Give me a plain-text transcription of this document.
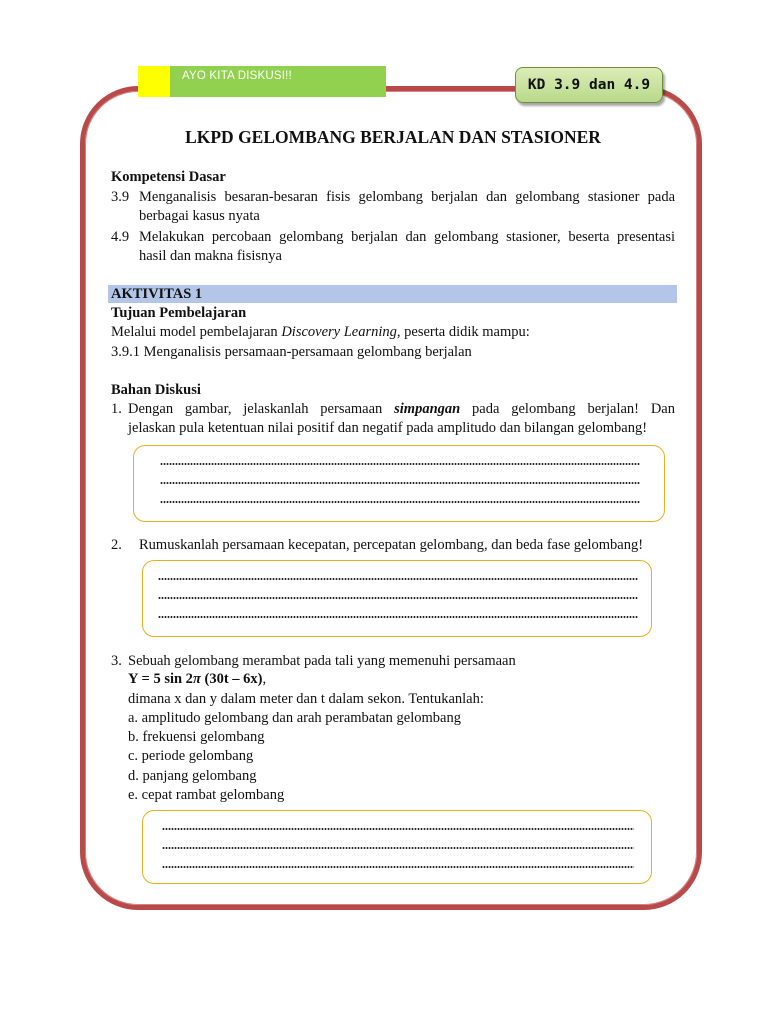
AYO KITA DISKUSI!!
KD 3.9 dan 4.9
LKPD GELOMBANG BERJALAN DAN STASIONER
Kompetensi Dasar
3.9 Menganalisis besaran-besaran fisis gelombang berjalan dan gelombang stasioner pada
berbagai kasus nyata
4.9 Melakukan percobaan gelombang berjalan dan gelombang stasioner, beserta presentasi
hasil dan makna fisisnya
AKTIVITAS 1
Tujuan Pembelajaran
Melalui model pembelajaran Discovery Learning, peserta didik mampu:
3.9.1 Menganalisis persamaan-persamaan gelombang berjalan
Bahan Diskusi
1. Dengan gambar, jelaskanlah persamaan simpangan pada gelombang berjalan! Dan
jelaskan pula ketentuan nilai positif dan negatif pada amplitudo dan bilangan gelombang!
2. Rumuskanlah persamaan kecepatan, percepatan gelombang, dan beda fase gelombang!
3. Sebuah gelombang merambat pada tali yang memenuhi persamaan
Y = 5 sin 2π (30t – 6x),
dimana x dan y dalam meter dan t dalam sekon. Tentukanlah:
a. amplitudo gelombang dan arah perambatan gelombang
b. frekuensi gelombang
c. periode gelombang
d. panjang gelombang
e. cepat rambat gelombang
